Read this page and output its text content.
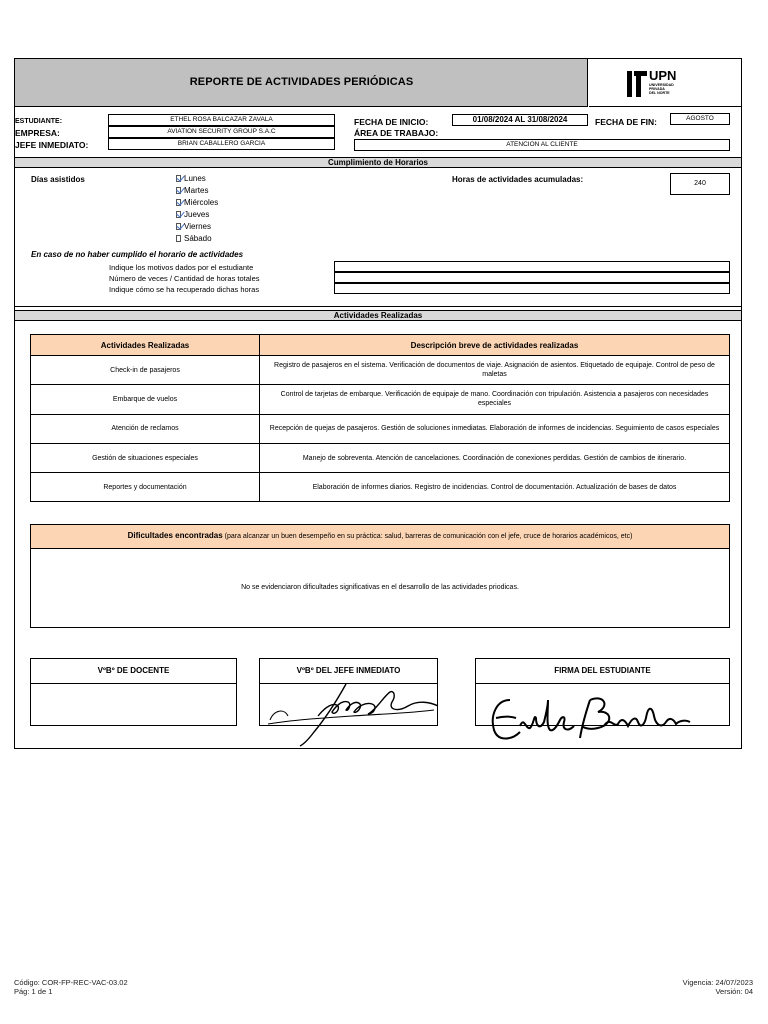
REPORTE DE ACTIVIDADES PERIÓDICAS	UPN
UNIVERSIDAD
PRIVADA
DEL NORTE
ESTUDIANTE:	ETHEL ROSA BALCAZAR ZAVALA
EMPRESA:	AVIATION SECURITY GROUP S.A.C
JEFE INMEDIATO:	BRIAN CABALLERO GARCIA
FECHA DE INICIO:	01/08/2024 AL 31/08/2024	FECHA DE FIN:	AGOSTO
ÁREA DE TRABAJO:
ATENCION AL CLIENTE
Cumplimiento de Horarios
Días asistidos	Lunes
Martes
Miércoles
Jueves
Viernes
Sábado
Horas de actividades acumuladas:	240
En caso de no haber cumplido el horario de actividades
Indique los motivos dados por el estudiante
Número de veces / Cantidad de horas totales
Indique cómo se ha recuperado dichas horas
Actividades Realizadas
Actividades Realizadas	Descripción breve de actividades realizadas
Check-in de pasajeros	Registro de pasajeros en el sistema. Verificación de documentos de viaje. Asignación de asientos. Etiquetado de equipaje. Control de peso de maletas
Embarque de vuelos	Control de tarjetas de embarque. Verificación de equipaje de mano. Coordinación con tripulación. Asistencia a pasajeros con necesidades especiales
Atención de reclamos	Recepción de quejas de pasajeros. Gestión de soluciones inmediatas. Elaboración de informes de incidencias. Seguimiento de casos especiales
Gestión de situaciones especiales	Manejo de sobreventa. Atención de cancelaciones. Coordinación de conexiones perdidas. Gestión de cambios de itinerario.
Reportes y documentación	Elaboración de informes diarios. Registro de incidencias. Control de documentación. Actualización de bases de datos
Dificultades encontradas (para alcanzar un buen desempeño en su práctica: salud, barreras de comunicación con el jefe, cruce de horarios académicos, etc)
No se evidenciaron dificultades significativas en el desarrollo de las actividades priodicas.
VºBº DE DOCENTE	VºBº DEL JEFE INMEDIATO	FIRMA DEL ESTUDIANTE
Código: COR-FP-REC-VAC-03.02
Pág: 1 de 1
Vigencia: 24/07/2023
Versión: 04
